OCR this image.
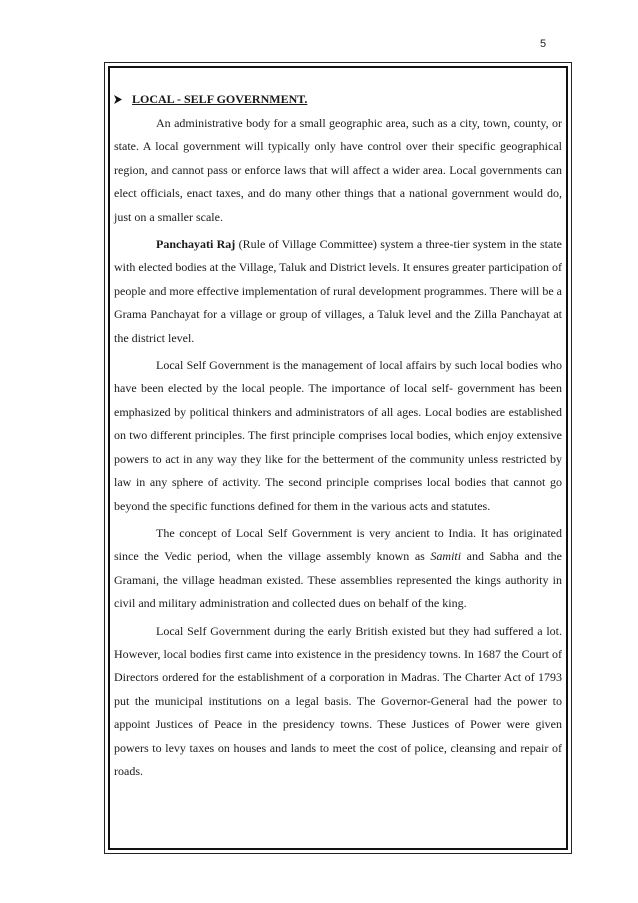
5
LOCAL - SELF GOVERNMENT.

An administrative body for a small geographic area, such as a city, town, county, or state. A local government will typically only have control over their specific geographical region, and cannot pass or enforce laws that will affect a wider area. Local governments can elect officials, enact taxes, and do many other things that a national government would do, just on a smaller scale.

Panchayati Raj (Rule of Village Committee) system a three-tier system in the state with elected bodies at the Village, Taluk and District levels. It ensures greater participation of people and more effective implementation of rural development programmes. There will be a Grama Panchayat for a village or group of villages, a Taluk level and the Zilla Panchayat at the district level.

Local Self Government is the management of local affairs by such local bodies who have been elected by the local people. The importance of local self- government has been emphasized by political thinkers and administrators of all ages. Local bodies are established on two different principles. The first principle comprises local bodies, which enjoy extensive powers to act in any way they like for the betterment of the community unless restricted by law in any sphere of activity. The second principle comprises local bodies that cannot go beyond the specific functions defined for them in the various acts and statutes.

The concept of Local Self Government is very ancient to India. It has originated since the Vedic period, when the village assembly known as Samiti and Sabha and the Gramani, the village headman existed. These assemblies represented the kings authority in civil and military administration and collected dues on behalf of the king.

Local Self Government during the early British existed but they had suffered a lot. However, local bodies first came into existence in the presidency towns. In 1687 the Court of Directors ordered for the establishment of a corporation in Madras. The Charter Act of 1793 put the municipal institutions on a legal basis. The Governor-General had the power to appoint Justices of Peace in the presidency towns. These Justices of Power were given powers to levy taxes on houses and lands to meet the cost of police, cleansing and repair of roads.
